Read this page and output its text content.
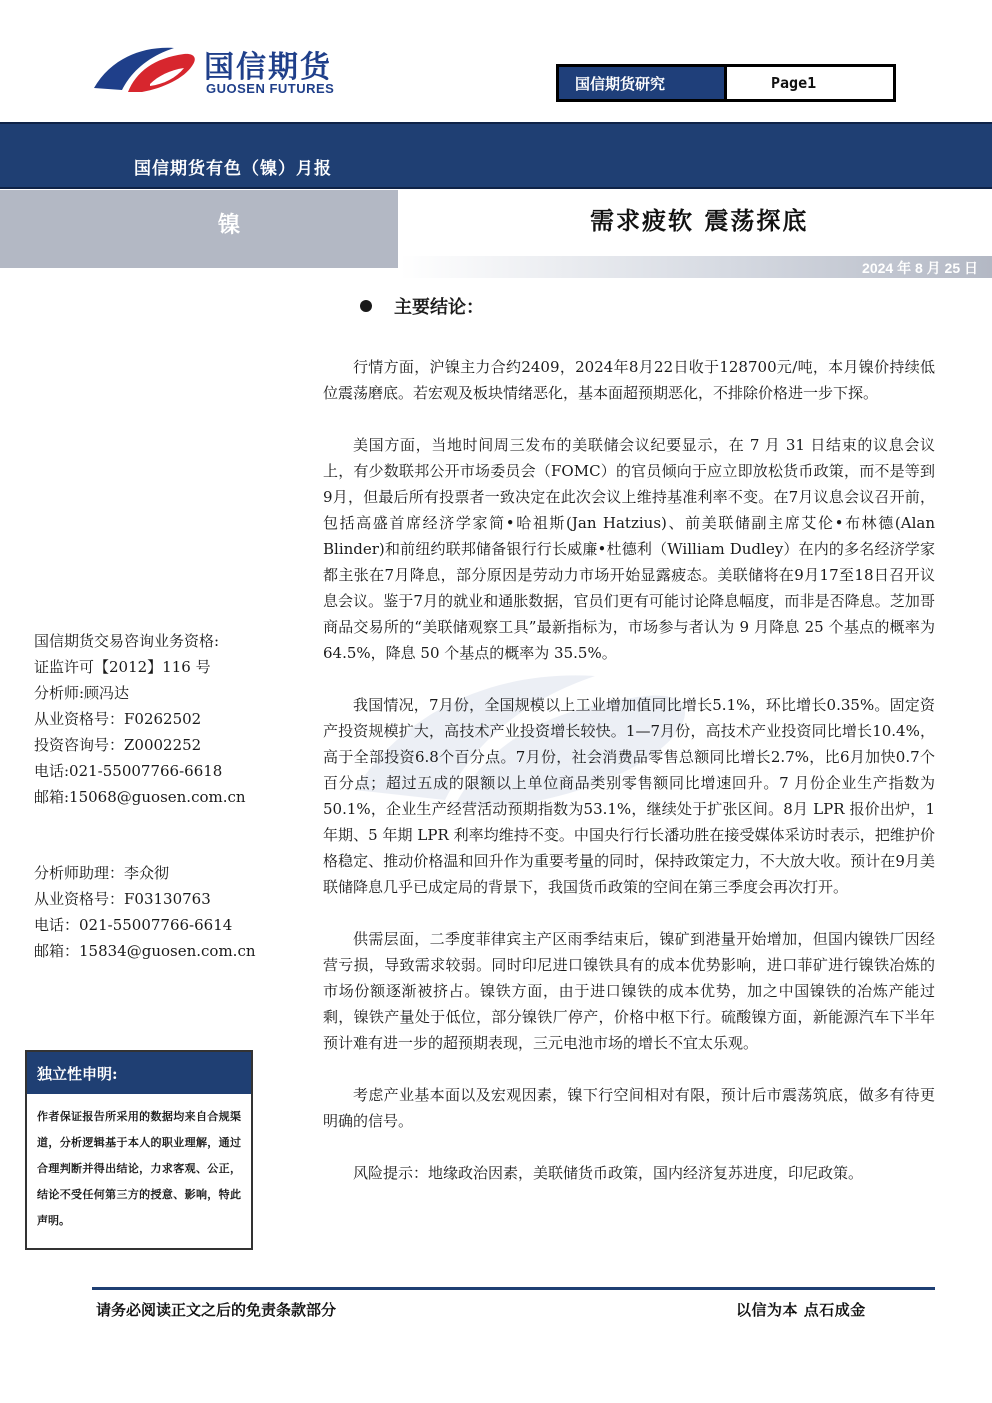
国信期货
GUOSEN FUTURES	国信期货研究	Page1
国信期货有色（镍）月报
镍	需求疲软 震荡探底
2024 年 8 月 25 日
主要结论：

行情方面，沪镍主力合约2409，2024年8月22日收于128700元/吨，本月镍价持续低位震荡磨底。若宏观及板块情绪恶化，基本面超预期恶化，不排除价格进一步下探。

美国方面，当地时间周三发布的美联储会议纪要显示，在 7 月 31 日结束的议息会议上，有少数联邦公开市场委员会（FOMC）的官员倾向于应立即放松货币政策，而不是等到9月，但最后所有投票者一致决定在此次会议上维持基准利率不变。在7月议息会议召开前，包括高盛首席经济学家简•哈祖斯(Jan Hatzius)、前美联储副主席艾伦•布林德(Alan Blinder)和前纽约联邦储备银行行长威廉•杜德利（William Dudley）在内的多名经济学家都主张在7月降息，部分原因是劳动力市场开始显露疲态。美联储将在9月17至18日召开议息会议。鉴于7月的就业和通胀数据，官员们更有可能讨论降息幅度，而非是否降息。芝加哥商品交易所的“美联储观察工具”最新指标为，市场参与者认为 9 月降息 25 个基点的概率为 64.5%，降息 50 个基点的概率为 35.5%。

我国情况，7月份，全国规模以上工业增加值同比增长5.1%，环比增长0.35%。固定资产投资规模扩大，高技术产业投资增长较快。1—7月份，高技术产业投资同比增长10.4%，高于全部投资6.8个百分点。7月份，社会消费品零售总额同比增长2.7%，比6月加快0.7个百分点；超过五成的限额以上单位商品类别零售额同比增速回升。7 月份企业生产指数为 50.1%，企业生产经营活动预期指数为53.1%，继续处于扩张区间。8月 LPR 报价出炉，1 年期、5 年期 LPR 利率均维持不变。中国央行行长潘功胜在接受媒体采访时表示，把维护价格稳定、推动价格温和回升作为重要考量的同时，保持政策定力，不大放大收。预计在9月美联储降息几乎已成定局的背景下，我国货币政策的空间在第三季度会再次打开。

供需层面，二季度菲律宾主产区雨季结束后，镍矿到港量开始增加，但国内镍铁厂因经营亏损，导致需求较弱。同时印尼进口镍铁具有的成本优势影响，进口菲矿进行镍铁冶炼的市场份额逐渐被挤占。镍铁方面，由于进口镍铁的成本优势，加之中国镍铁的冶炼产能过剩，镍铁产量处于低位，部分镍铁厂停产，价格中枢下行。硫酸镍方面，新能源汽车下半年预计难有进一步的超预期表现，三元电池市场的增长不宜太乐观。

考虑产业基本面以及宏观因素，镍下行空间相对有限，预计后市震荡筑底，做多有待更明确的信号。

风险提示：地缘政治因素，美联储货币政策，国内经济复苏进度，印尼政策。

国信期货交易咨询业务资格:
证监许可【2012】116 号
分析师:顾冯达
从业资格号：F0262502
投资咨询号：Z0002252
电话:021-55007766-6618
邮箱:15068@guosen.com.cn
分析师助理：李众彻
从业资格号：F03130763
电话：021-55007766-6614
邮箱：15834@guosen.com.cn
独立性申明:
作者保证报告所采用的数据均来自合规渠道，分析逻辑基于本人的职业理解，通过合理判断并得出结论，力求客观、公正，结论不受任何第三方的授意、影响，特此声明。
请务必阅读正文之后的免责条款部分	以信为本 点石成金
